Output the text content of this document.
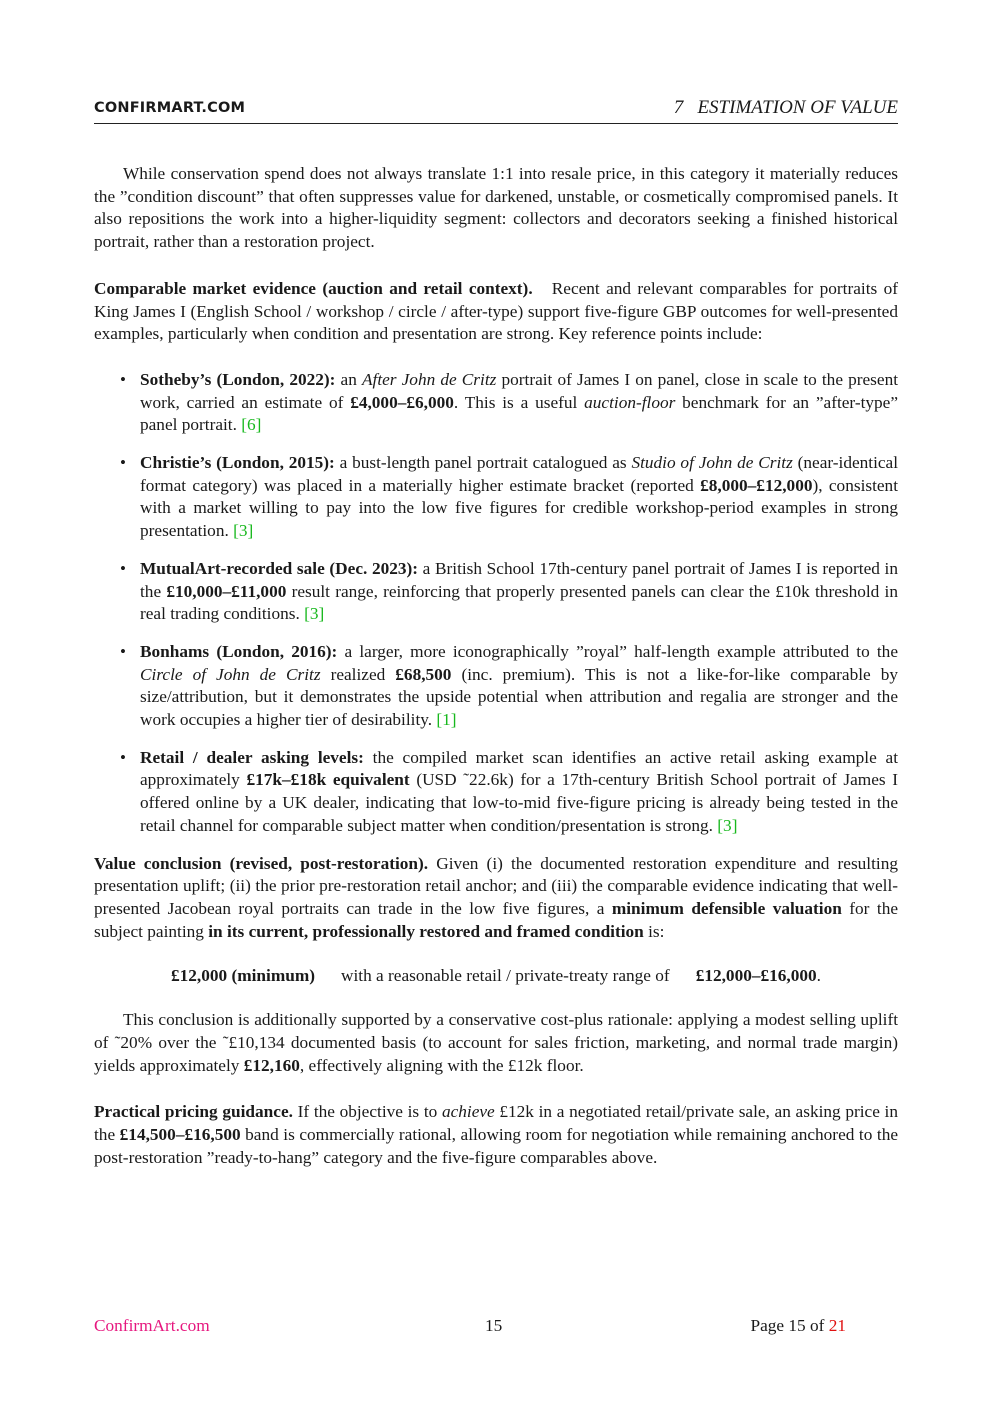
CONFIRMART.COM	7 ESTIMATION OF VALUE

While conservation spend does not always translate 1:1 into resale price, in this category it materially reduces the ”condition discount” that often suppresses value for darkened, unstable, or cosmetically compromised panels. It also repositions the work into a higher-liquidity segment: collectors and decorators seeking a finished historical portrait, rather than a restoration project.

Comparable market evidence (auction and retail context). Recent and relevant comparables for portraits of King James I (English School / workshop / circle / after-type) support five-figure GBP outcomes for well-presented examples, particularly when condition and presentation are strong. Key reference points include:

• Sotheby’s (London, 2022): an After John de Critz portrait of James I on panel, close in scale to the present work, carried an estimate of £4,000–£6,000. This is a useful auction-floor benchmark for an ”after-type” panel portrait. [6]
• Christie’s (London, 2015): a bust-length panel portrait catalogued as Studio of John de Critz (near-identical format category) was placed in a materially higher estimate bracket (reported £8,000–£12,000), consistent with a market willing to pay into the low five figures for credible workshop-period examples in strong presentation. [3]
• MutualArt-recorded sale (Dec. 2023): a British School 17th-century panel portrait of James I is reported in the £10,000–£11,000 result range, reinforcing that properly presented panels can clear the £10k threshold in real trading conditions. [3]
• Bonhams (London, 2016): a larger, more iconographically ”royal” half-length example attributed to the Circle of John de Critz realized £68,500 (inc. premium). This is not a like-for-like comparable by size/attribution, but it demonstrates the upside potential when attribution and regalia are stronger and the work occupies a higher tier of desirability. [1]
• Retail / dealer asking levels: the compiled market scan identifies an active retail asking example at approximately £17k–£18k equivalent (USD ˜22.6k) for a 17th-century British School portrait of James I offered online by a UK dealer, indicating that low-to-mid five-figure pricing is already being tested in the retail channel for comparable subject matter when condition/presentation is strong. [3]

Value conclusion (revised, post-restoration). Given (i) the documented restoration expenditure and resulting presentation uplift; (ii) the prior pre-restoration retail anchor; and (iii) the comparable evidence indicating that well-presented Jacobean royal portraits can trade in the low five figures, a minimum defensible valuation for the subject painting in its current, professionally restored and framed condition is:

£12,000 (minimum) with a reasonable retail / private-treaty range of £12,000–£16,000.

This conclusion is additionally supported by a conservative cost-plus rationale: applying a modest selling uplift of ˜20% over the ˜£10,134 documented basis (to account for sales friction, marketing, and normal trade margin) yields approximately £12,160, effectively aligning with the £12k floor.

Practical pricing guidance. If the objective is to achieve £12k in a negotiated retail/private sale, an asking price in the £14,500–£16,500 band is commercially rational, allowing room for negotiation while remaining anchored to the post-restoration ”ready-to-hang” category and the five-figure comparables above.

ConfirmArt.com	15	Page 15 of 21
